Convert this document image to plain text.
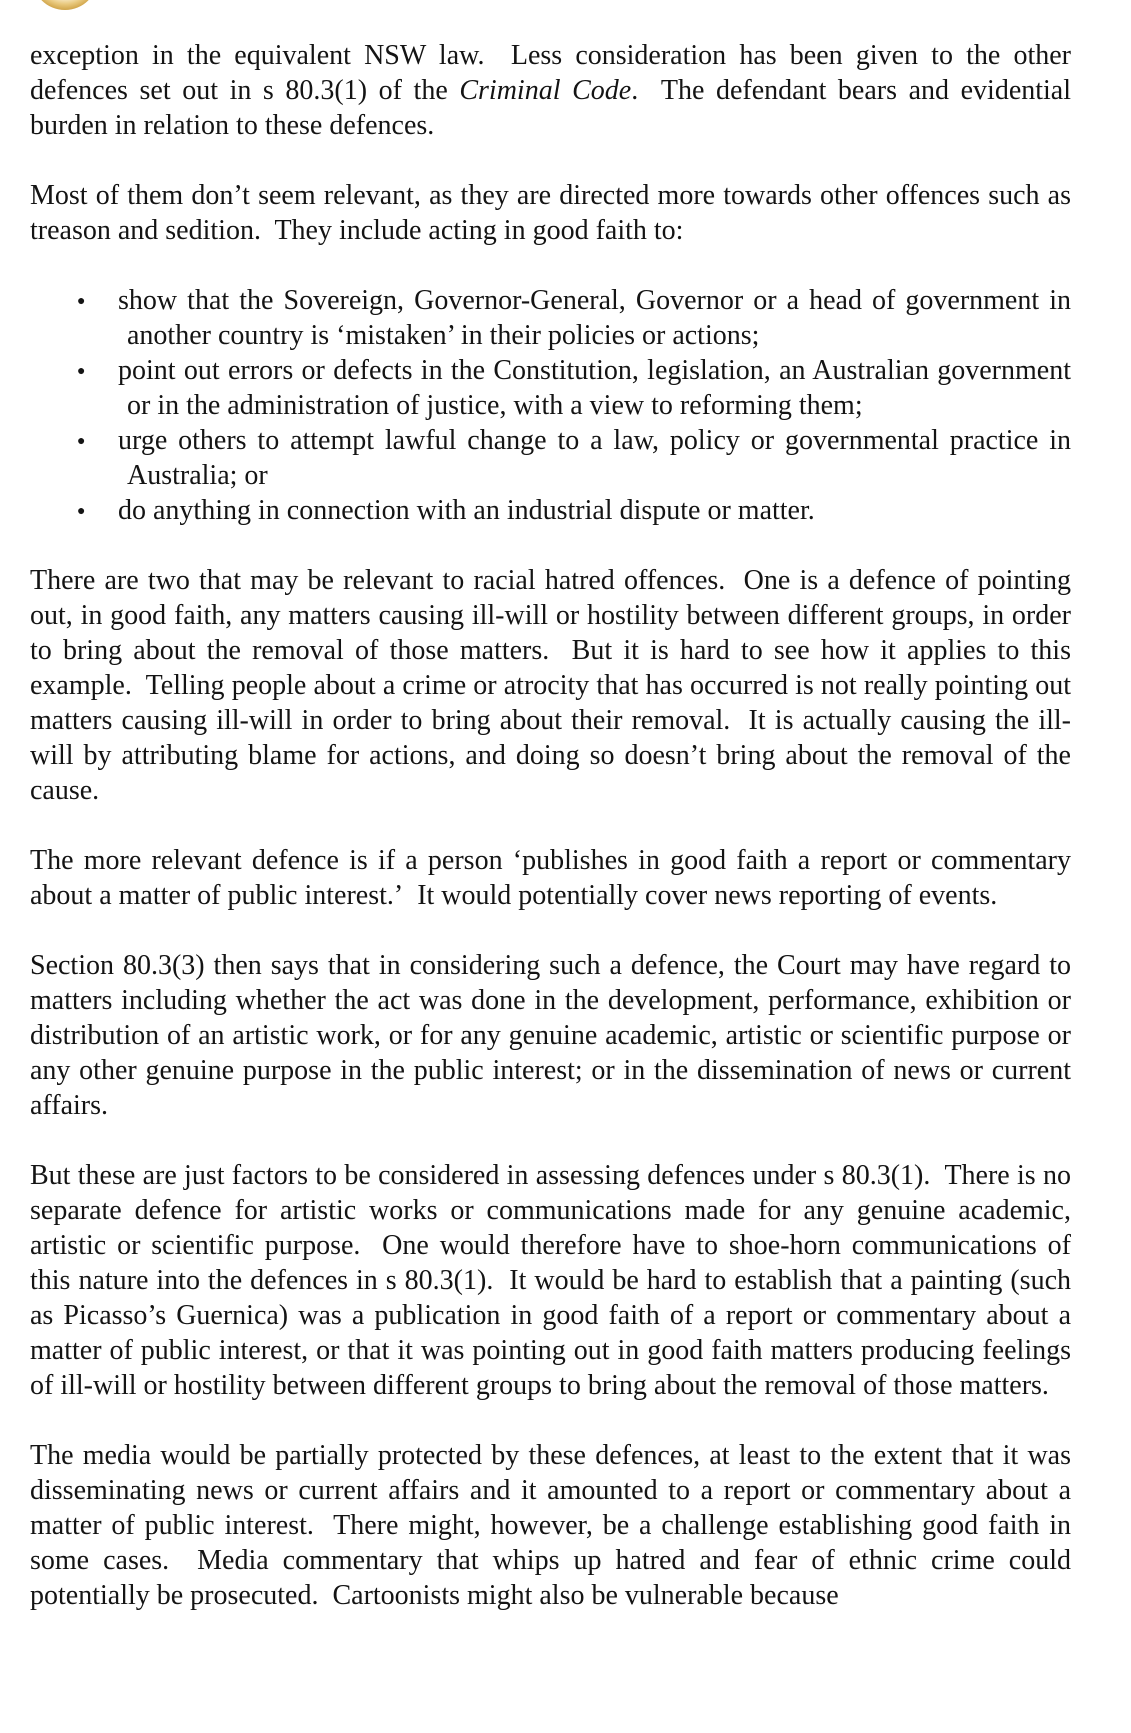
exception in the equivalent NSW law.  Less consideration has been given to the other defences set out in s 80.3(1) of the Criminal Code.  The defendant bears and evidential burden in relation to these defences.

Most of them don’t seem relevant, as they are directed more towards other offences such as treason and sedition.  They include acting in good faith to:

● show that the Sovereign, Governor-General, Governor or a head of government in another country is ‘mistaken’ in their policies or actions;
● point out errors or defects in the Constitution, legislation, an Australian government or in the administration of justice, with a view to reforming them;
● urge others to attempt lawful change to a law, policy or governmental practice in Australia; or
● do anything in connection with an industrial dispute or matter.

There are two that may be relevant to racial hatred offences.  One is a defence of pointing out, in good faith, any matters causing ill-will or hostility between different groups, in order to bring about the removal of those matters.  But it is hard to see how it applies to this example.  Telling people about a crime or atrocity that has occurred is not really pointing out matters causing ill-will in order to bring about their removal.  It is actually causing the ill-will by attributing blame for actions, and doing so doesn’t bring about the removal of the cause.

The more relevant defence is if a person ‘publishes in good faith a report or commentary about a matter of public interest.’  It would potentially cover news reporting of events.

Section 80.3(3) then says that in considering such a defence, the Court may have regard to matters including whether the act was done in the development, performance, exhibition or distribution of an artistic work, or for any genuine academic, artistic or scientific purpose or any other genuine purpose in the public interest; or in the dissemination of news or current affairs.

But these are just factors to be considered in assessing defences under s 80.3(1).  There is no separate defence for artistic works or communications made for any genuine academic, artistic or scientific purpose.  One would therefore have to shoe-horn communications of this nature into the defences in s 80.3(1).  It would be hard to establish that a painting (such as Picasso’s Guernica) was a publication in good faith of a report or commentary about a matter of public interest, or that it was pointing out in good faith matters producing feelings of ill-will or hostility between different groups to bring about the removal of those matters.

The media would be partially protected by these defences, at least to the extent that it was disseminating news or current affairs and it amounted to a report or commentary about a matter of public interest.  There might, however, be a challenge establishing good faith in some cases.  Media commentary that whips up hatred and fear of ethnic crime could potentially be prosecuted.  Cartoonists might also be vulnerable because
